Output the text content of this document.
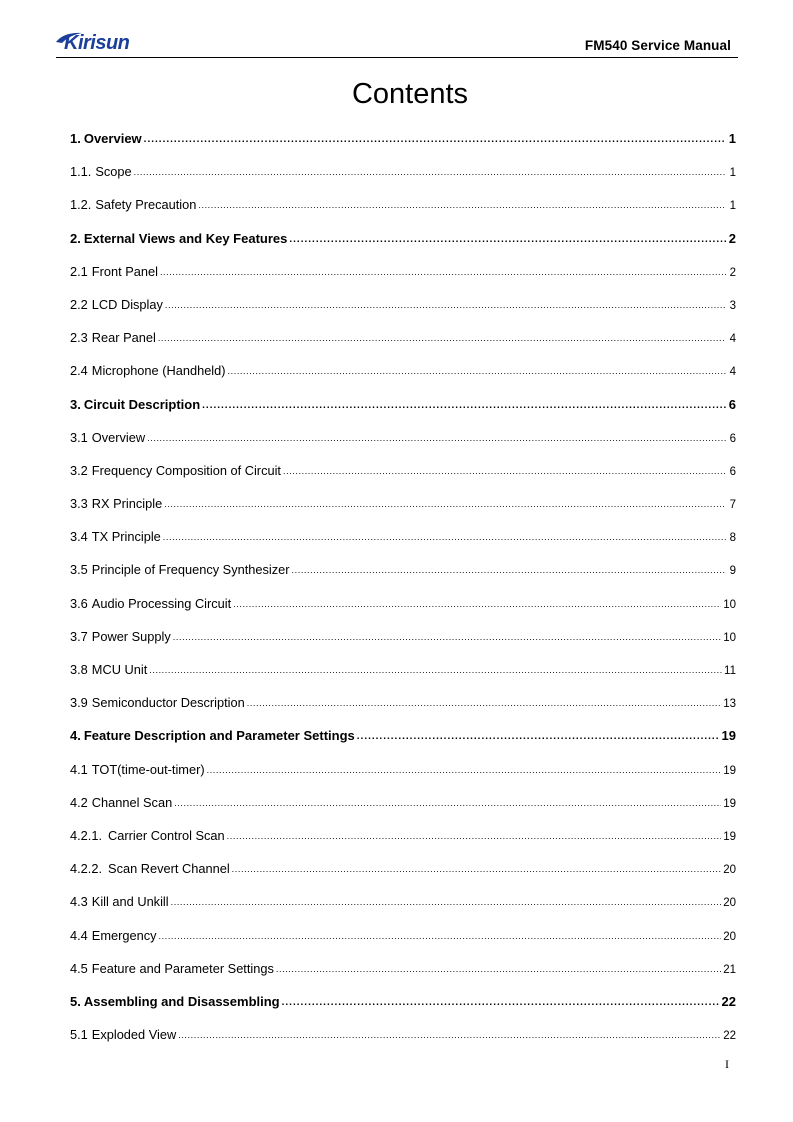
Kirisun	FM540 Service Manual
Contents
1. Overview .....	1
1.1. Scope .....	1
1.2. Safety Precaution .....	1
2. External Views and Key Features .....	2
2.1 Front Panel .....	2
2.2 LCD Display .....	3
2.3 Rear Panel .....	4
2.4 Microphone (Handheld) .....	4
3. Circuit Description .....	6
3.1 Overview .....	6
3.2 Frequency Composition of Circuit .....	6
3.3 RX Principle .....	7
3.4 TX Principle .....	8
3.5 Principle of Frequency Synthesizer .....	9
3.6 Audio Processing Circuit .....	10
3.7 Power Supply .....	10
3.8 MCU Unit .....	11
3.9 Semiconductor Description .....	13
4. Feature Description and Parameter Settings .....	19
4.1 TOT(time-out-timer) .....	19
4.2 Channel Scan .....	19
4.2.1. Carrier Control Scan .....	19
4.2.2. Scan Revert Channel .....	20
4.3 Kill and Unkill .....	20
4.4 Emergency .....	20
4.5 Feature and Parameter Settings .....	21
5. Assembling and Disassembling .....	22
5.1 Exploded View .....	22
I
